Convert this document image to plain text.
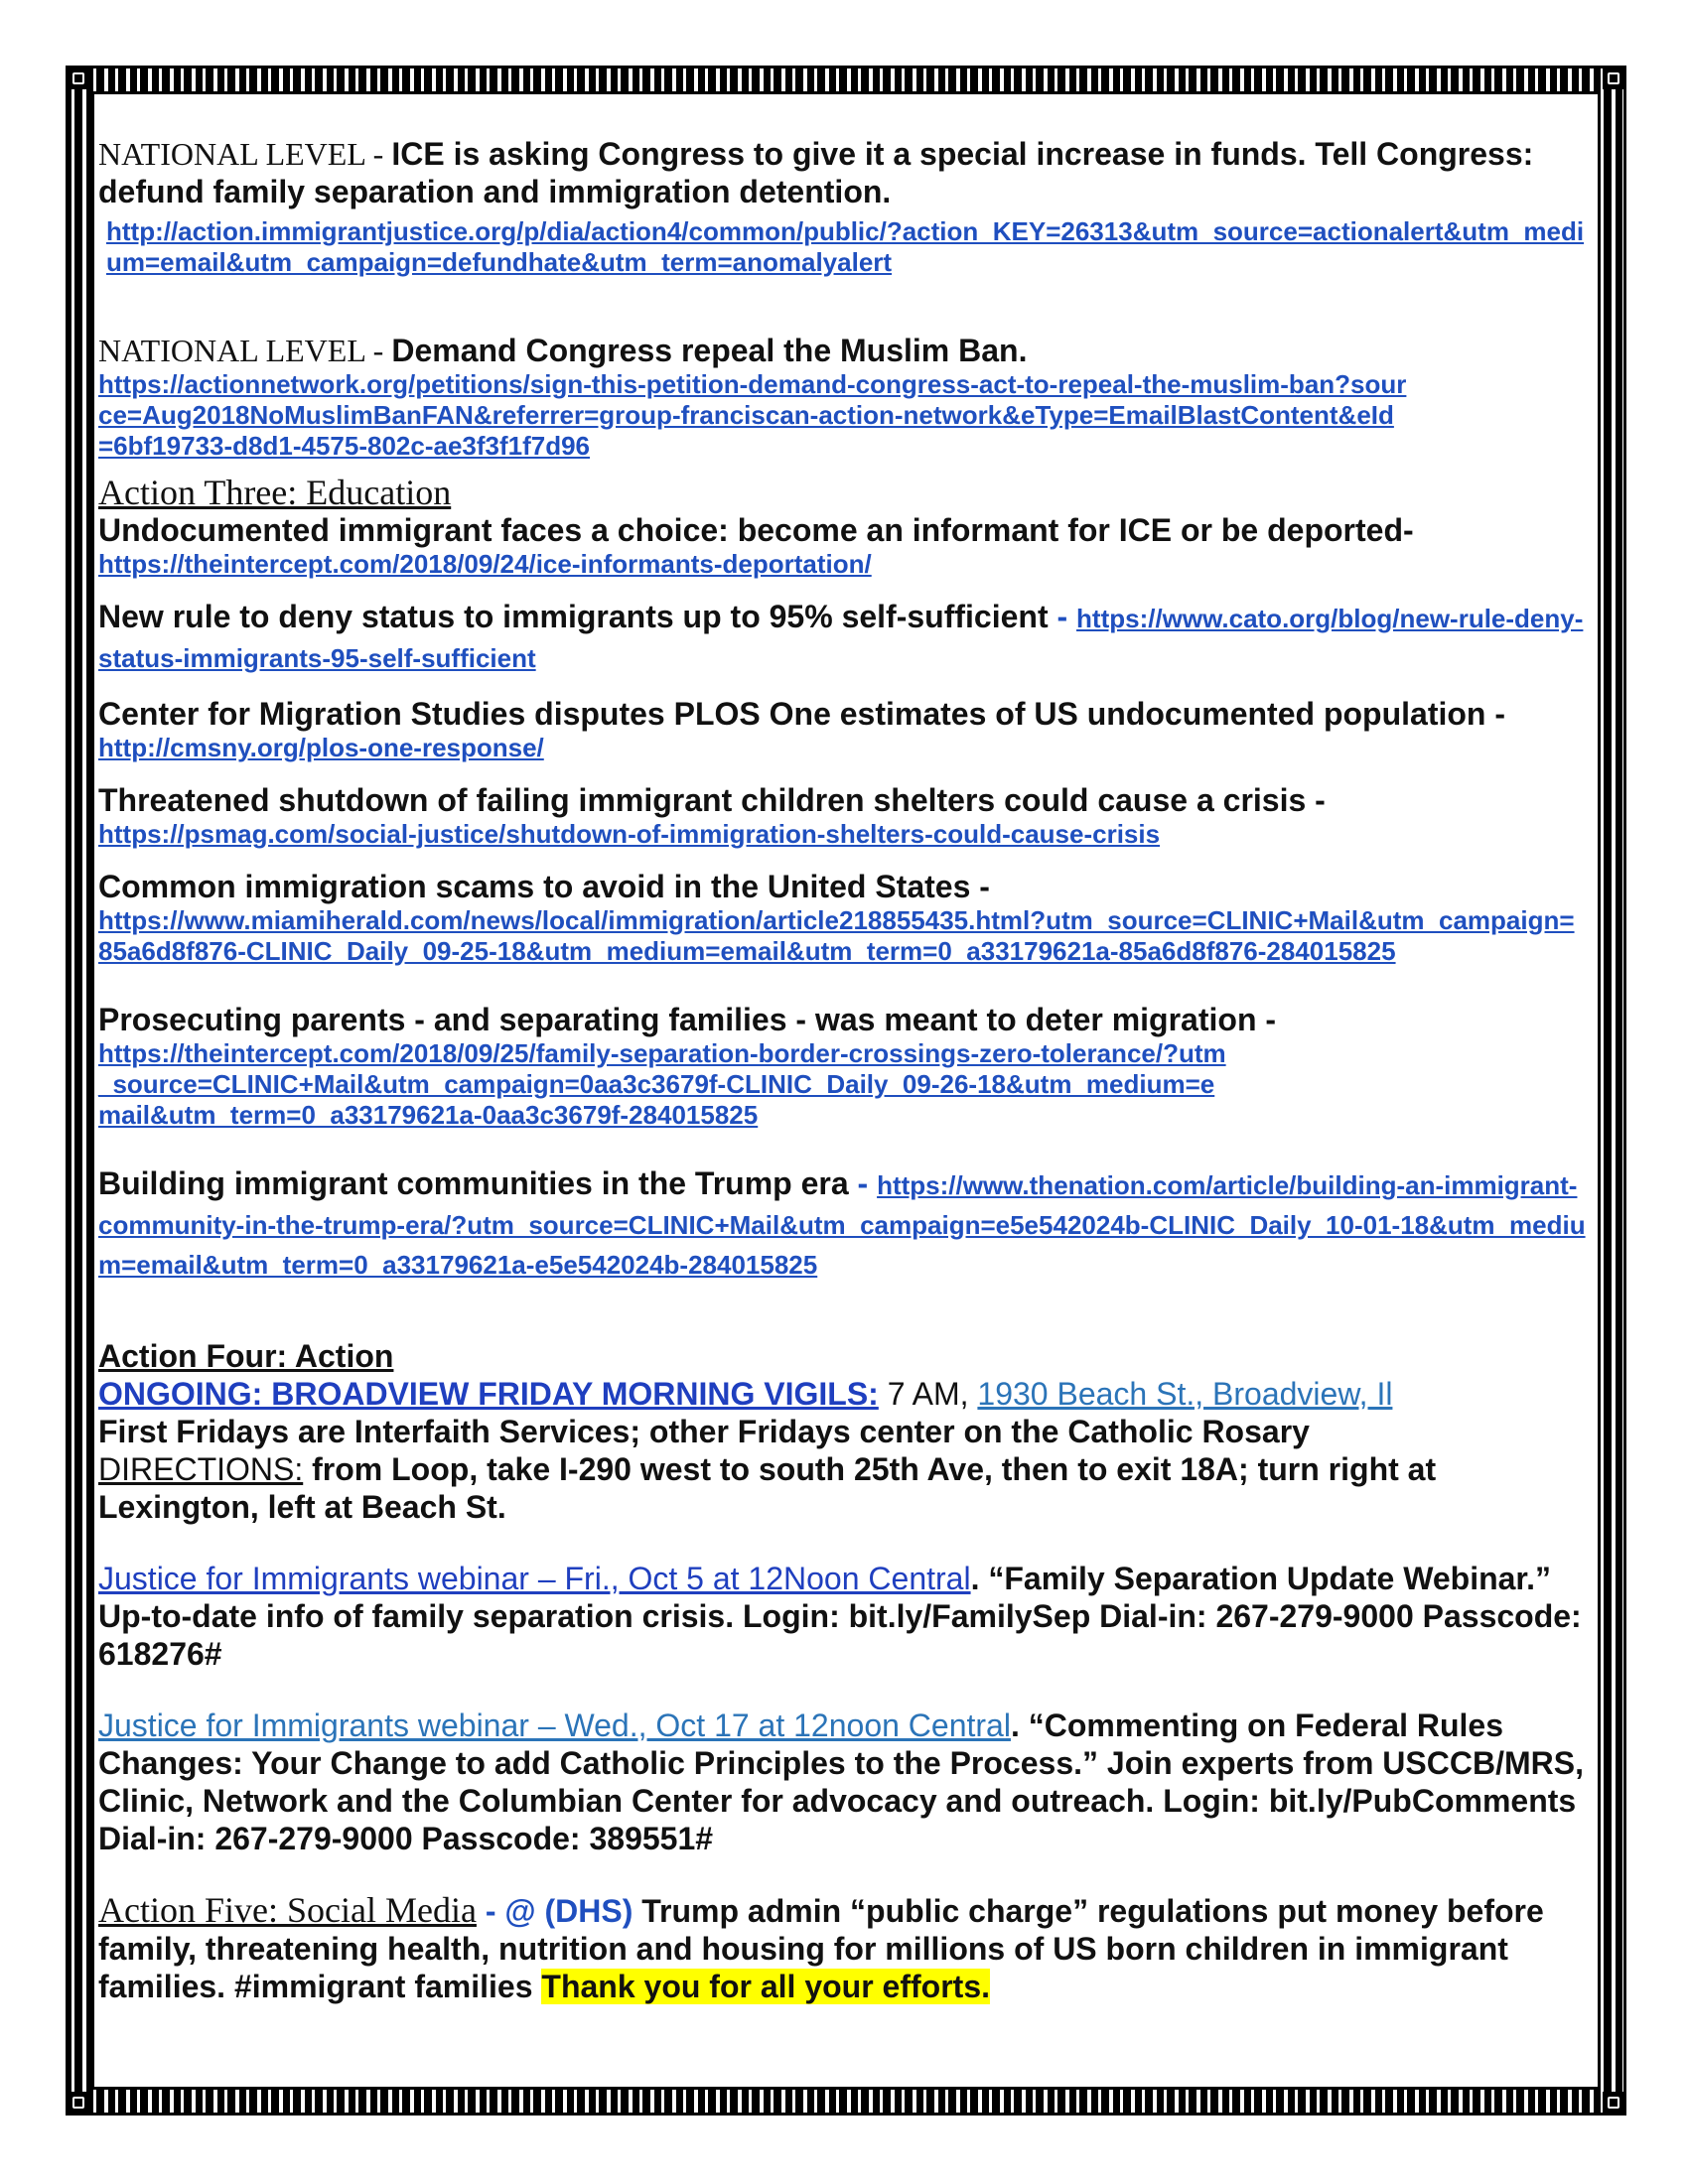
NATIONAL LEVEL - ICE is asking Congress to give it a special increase in funds. Tell Congress: defund family separation and immigration detention.

http://action.immigrantjustice.org/p/dia/action4/common/public/?action_KEY=26313&utm_source=actionalert&utm_medium=email&utm_campaign=defundhate&utm_term=anomalyalert

NATIONAL LEVEL - Demand Congress repeal the Muslim Ban.

https://actionnetwork.org/petitions/sign-this-petition-demand-congress-act-to-repeal-the-muslim-ban?source=Aug2018NoMuslimBanFAN&referrer=group-franciscan-action-network&eType=EmailBlastContent&eId=6bf19733-d8d1-4575-802c-ae3f3f1f7d96
Action Three: Education

Undocumented immigrant faces a choice: become an informant for ICE or be deported-

https://theintercept.com/2018/09/24/ice-informants-deportation/

New rule to deny status to immigrants up to 95% self-sufficient - https://www.cato.org/blog/new-rule-deny-status-immigrants-95-self-sufficient

Center for Migration Studies disputes PLOS One estimates of US undocumented population -

http://cmsny.org/plos-one-response/

Threatened shutdown of failing immigrant children shelters could cause a crisis -

https://psmag.com/social-justice/shutdown-of-immigration-shelters-could-cause-crisis

Common immigration scams to avoid in the United States -

https://www.miamiherald.com/news/local/immigration/article218855435.html?utm_source=CLINIC+Mail&utm_campaign=85a6d8f876-CLINIC_Daily_09-25-18&utm_medium=email&utm_term=0_a33179621a-85a6d8f876-284015825

Prosecuting parents - and separating families - was meant to deter migration -

https://theintercept.com/2018/09/25/family-separation-border-crossings-zero-tolerance/?utm_source=CLINIC+Mail&utm_campaign=0aa3c3679f-CLINIC_Daily_09-26-18&utm_medium=email&utm_term=0_a33179621a-0aa3c3679f-284015825

Building immigrant communities in the Trump era - https://www.thenation.com/article/building-an-immigrant-community-in-the-trump-era/?utm_source=CLINIC+Mail&utm_campaign=e5e542024b-CLINIC_Daily_10-01-18&utm_medium=email&utm_term=0_a33179621a-e5e542024b-284015825

Action Four: Action

ONGOING: BROADVIEW FRIDAY MORNING VIGILS: 7 AM, 1930 Beach St., Broadview, Il

First Fridays are Interfaith Services; other Fridays center on the Catholic Rosary

DIRECTIONS: from Loop, take I-290 west to south 25th Ave, then to exit 18A; turn right at Lexington, left at Beach St.

Justice for Immigrants webinar – Fri., Oct 5 at 12Noon Central. “Family Separation Update Webinar.” Up-to-date info of family separation crisis. Login: bit.ly/FamilySep Dial-in: 267-279-9000 Passcode: 618276#

Justice for Immigrants webinar – Wed., Oct 17 at 12noon Central. “Commenting on Federal Rules Changes: Your Change to add Catholic Principles to the Process.” Join experts from USCCB/MRS, Clinic, Network and the Columbian Center for advocacy and outreach. Login: bit.ly/PubComments Dial-in: 267-279-9000 Passcode: 389551#

Action Five: Social Media - @ (DHS) Trump admin “public charge” regulations put money before family, threatening health, nutrition and housing for millions of US born children in immigrant families. #immigrant families Thank you for all your efforts.
